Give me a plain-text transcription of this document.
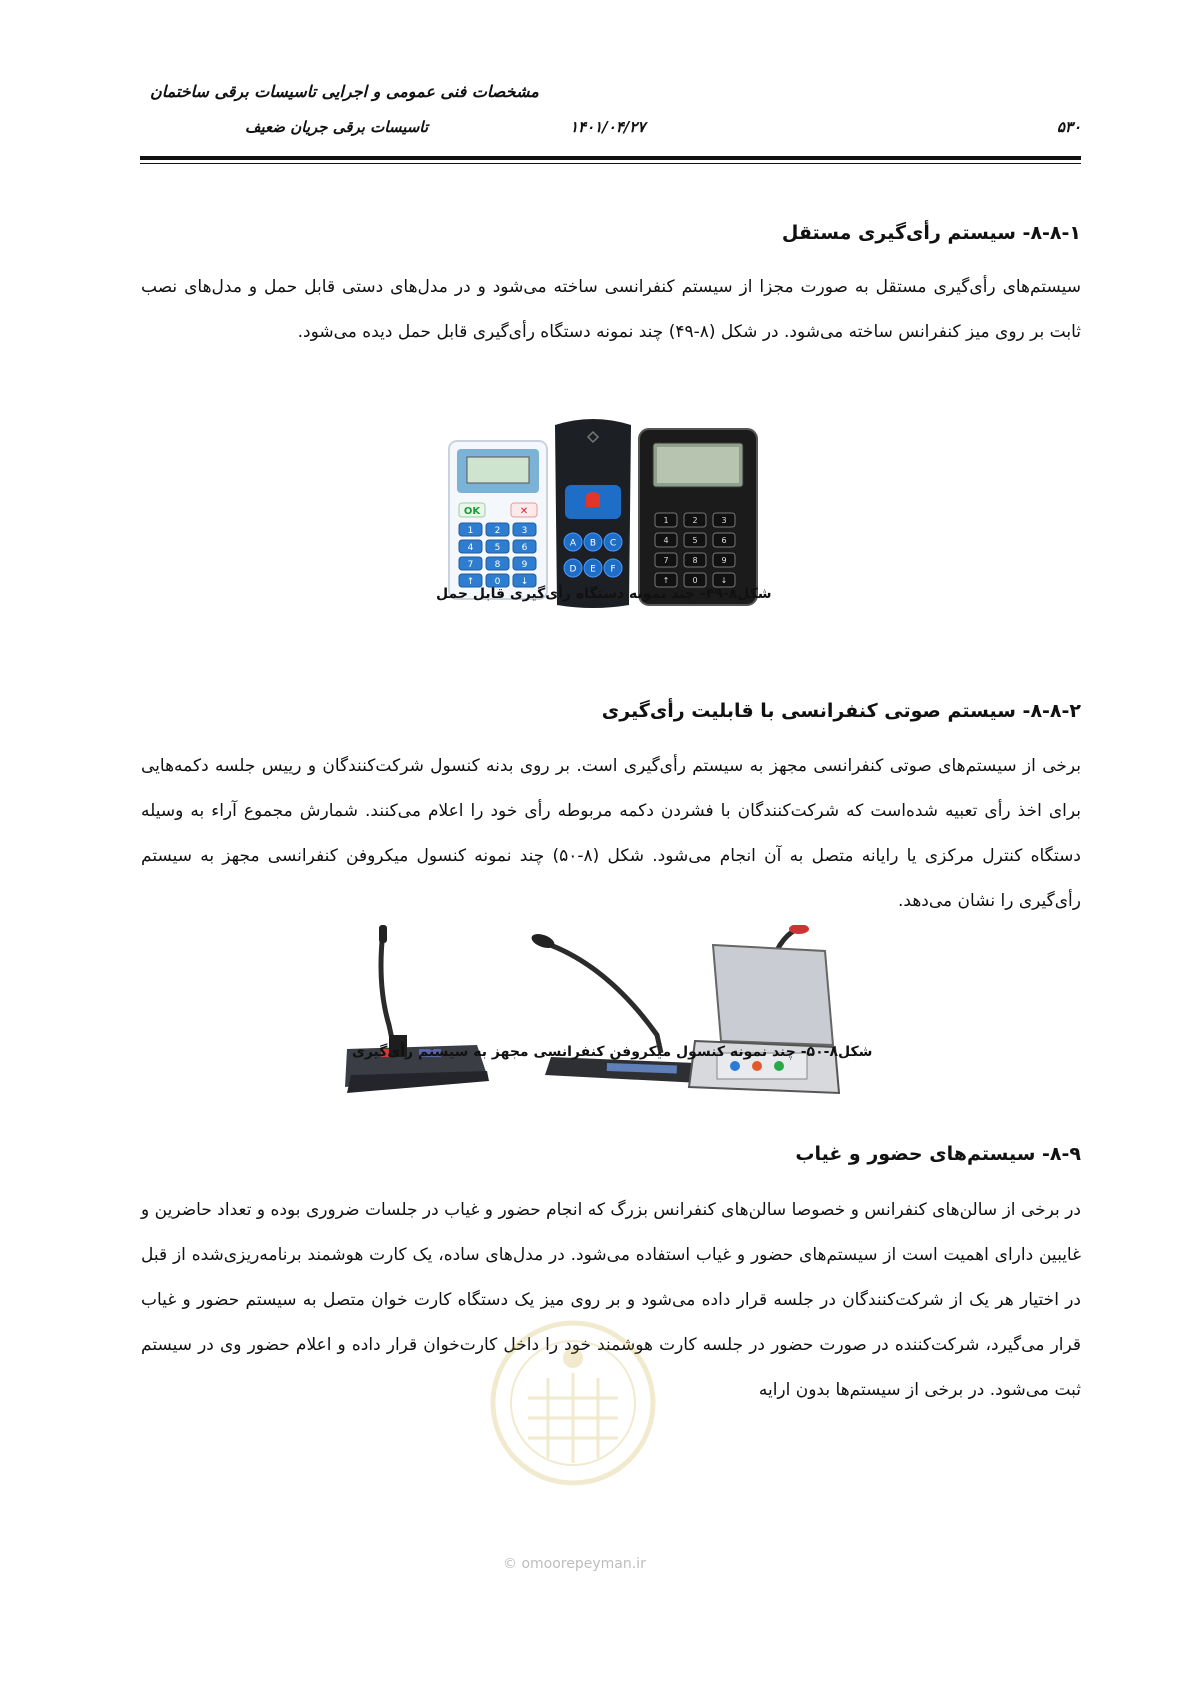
مشخصات فنی عمومی و اجرایی تاسیسات برقی ساختمان
تاسیسات برقی جریان ضعیف	۱۴۰۱/۰۴/۲۷	۵۳۰
۸-۸-۱- سیستم رأی‌گیری مستقل

سیستم‌های رأی‌گیری مستقل به صورت مجزا از سیستم کنفرانسی ساخته می‌شود و در مدل‌های دستی قابل حمل و مدل‌های نصب ثابت بر روی میز کنفرانس ساخته می‌شود. در شکل (۸-۴۹) چند نمونه دستگاه رأی‌گیری قابل حمل دیده می‌شود.

OK	✕
1 2 3
4 5 6
7 8 9
↑ 0 ↓
A B C
D E F
1	2	3
4	5	6
7	8	9
↑	0	↓
شکل۸-۴۹- چند نمونه دستگاه رأی‌گیری قابل حمل
۸-۸-۲- سیستم صوتی کنفرانسی با قابلیت رأی‌گیری

برخی از سیستم‌های صوتی کنفرانسی مجهز به سیستم رأی‌گیری است. بر روی بدنه کنسول شرکت‌کنندگان و رییس جلسه دکمه‌هایی برای اخذ رأی تعبیه شده‌است که شرکت‌کنندگان با فشردن دکمه مربوطه رأی خود را اعلام می‌کنند. شمارش مجموع آراء به وسیله دستگاه کنترل مرکزی یا رایانه متصل به آن انجام می‌شود. شکل (۸-۵۰) چند نمونه کنسول میکروفن کنفرانسی مجهز به سیستم رأی‌گیری را نشان می‌دهد.

شکل۸-۵۰- چند نمونه کنسول میکروفن کنفرانسی مجهز به سیستم رأی‌گیری
۸-۹- سیستم‌های حضور و غیاب

در برخی از سالن‌های کنفرانس و خصوصا سالن‌های کنفرانس بزرگ که انجام حضور و غیاب در جلسات ضروری بوده و تعداد حاضرین و غایبین دارای اهمیت است از سیستم‌های حضور و غیاب استفاده می‌شود. در مدل‌های ساده، یک کارت هوشمند برنامه‌ریزی‌شده از قبل در اختیار هر یک از شرکت‌کنندگان در جلسه قرار داده می‌شود و بر روی میز یک دستگاه کارت خوان متصل به سیستم حضور و غیاب قرار می‌گیرد، شرکت‌کننده در صورت حضور در جلسه کارت هوشمند خود را داخل کارت‌خوان قرار داده و اعلام حضور وی در سیستم ثبت می‌شود. در برخی از سیستم‌ها بدون ارایه

© omoorepeyman.ir
